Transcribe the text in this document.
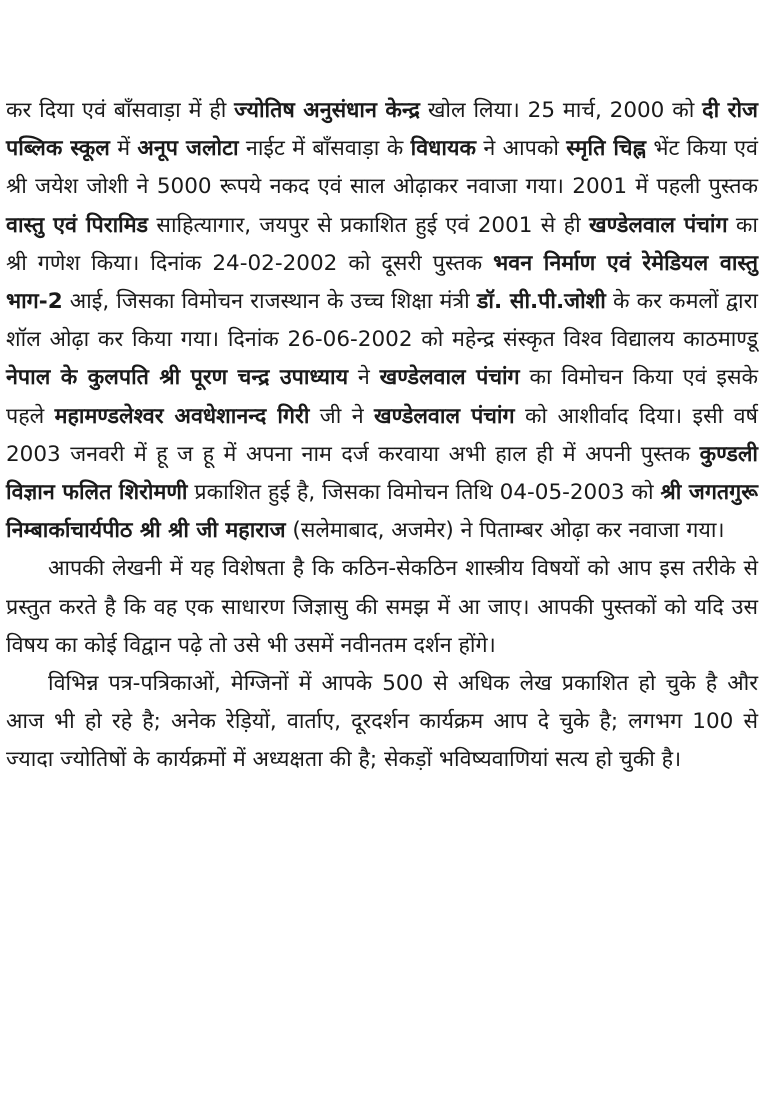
कर दिया एवं बाँसवाड़ा में ही ज्योतिष अनुसंधान केन्द्र खोल लिया। 25 मार्च, 2000 को दी रोज पब्लिक स्कूल में अनूप जलोटा नाईट में बाँसवाड़ा के विधायक ने आपको स्मृति चिह्न भेंट किया एवं श्री जयेश जोशी ने 5000 रूपये नकद एवं साल ओढ़ाकर नवाजा गया। 2001 में पहली पुस्तक वास्तु एवं पिरामिड साहित्यागार, जयपुर से प्रकाशित हुई एवं 2001 से ही खण्डेलवाल पंचांग का श्री गणेश किया। दिनांक 24-02-2002 को दूसरी पुस्तक भवन निर्माण एवं रेमेडियल वास्तु भाग-2 आई, जिसका विमोचन राजस्थान के उच्च शिक्षा मंत्री डॉ. सी.पी.जोशी के कर कमलों द्वारा शॉल ओढ़ा कर किया गया। दिनांक 26-06-2002 को महेन्द्र संस्कृत विश्व विद्यालय काठमाण्डू नेपाल के कुलपति श्री पूरण चन्द्र उपाध्याय ने खण्डेलवाल पंचांग का विमोचन किया एवं इसके पहले महामण्डलेश्वर अवधेशानन्द गिरी जी ने खण्डेलवाल पंचांग को आशीर्वाद दिया। इसी वर्ष 2003 जनवरी में हू ज हू में अपना नाम दर्ज करवाया अभी हाल ही में अपनी पुस्तक कुण्डली विज्ञान फलित शिरोमणी प्रकाशित हुई है, जिसका विमोचन तिथि 04-05-2003 को श्री जगतगुरू निम्बार्काचार्यपीठ श्री श्री जी महाराज (सलेमाबाद, अजमेर) ने पिताम्बर ओढ़ा कर नवाजा गया।

आपकी लेखनी में यह विशेषता है कि कठिन-सेकठिन शास्त्रीय विषयों को आप इस तरीके से प्रस्तुत करते है कि वह एक साधारण जिज्ञासु की समझ में आ जाए। आपकी पुस्तकों को यदि उस विषय का कोई विद्वान पढ़े तो उसे भी उसमें नवीनतम दर्शन होंगे।

विभिन्न पत्र-पत्रिकाओं, मेग्जिनों में आपके 500 से अधिक लेख प्रकाशित हो चुके है और आज भी हो रहे है; अनेक रेड़ियों, वार्ताए, दूरदर्शन कार्यक्रम आप दे चुके है; लगभग 100 से ज्यादा ज्योतिषों के कार्यक्रमों में अध्यक्षता की है; सेकड़ों भविष्यवाणियां सत्य हो चुकी है।
